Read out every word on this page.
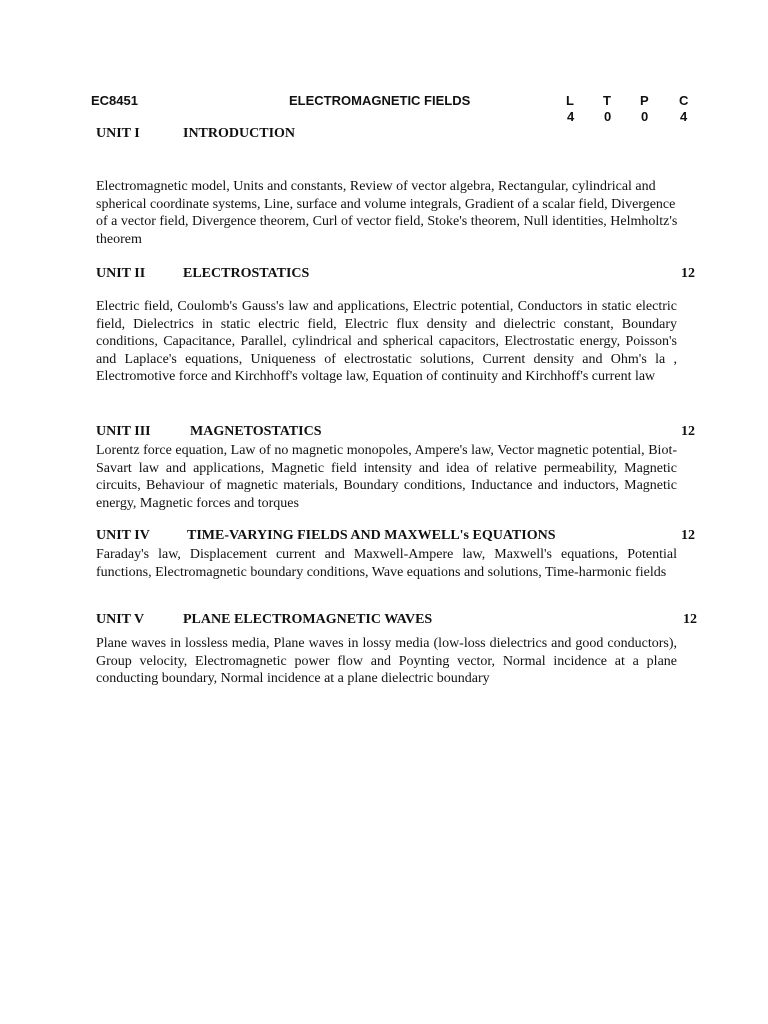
EC8451	ELECTROMAGNETIC FIELDS	L T P C
4 0 0 4
UNIT I	INTRODUCTION
Electromagnetic model, Units and constants, Review of vector algebra, Rectangular, cylindrical and spherical coordinate systems, Line, surface and volume integrals, Gradient of a scalar field, Divergence of a vector field, Divergence theorem, Curl of vector field, Stoke's theorem, Null identities, Helmholtz's theorem
UNIT II	ELECTROSTATICS	12
Electric field, Coulomb's Gauss's law and applications, Electric potential, Conductors in static electric field, Dielectrics in static electric field, Electric flux density and dielectric constant, Boundary conditions, Capacitance, Parallel, cylindrical and spherical capacitors, Electrostatic energy, Poisson's and Laplace's equations, Uniqueness of electrostatic solutions, Current density and Ohm's la , Electromotive force and Kirchhoff's voltage law, Equation of continuity and Kirchhoff's current law
UNIT III	MAGNETOSTATICS	12
Lorentz force equation, Law of no magnetic monopoles, Ampere's law, Vector magnetic potential, Biot-Savart law and applications, Magnetic field intensity and idea of relative permeability, Magnetic circuits, Behaviour of magnetic materials, Boundary conditions, Inductance and inductors, Magnetic energy, Magnetic forces and torques
UNIT IV	TIME-VARYING FIELDS AND MAXWELL's EQUATIONS	12
Faraday's law, Displacement current and Maxwell-Ampere law, Maxwell's equations, Potential functions, Electromagnetic boundary conditions, Wave equations and solutions, Time-harmonic fields
UNIT V	PLANE ELECTROMAGNETIC WAVES	12
Plane waves in lossless media, Plane waves in lossy media (low-loss dielectrics and good conductors), Group velocity, Electromagnetic power flow and Poynting vector, Normal incidence at a plane conducting boundary, Normal incidence at a plane dielectric boundary
